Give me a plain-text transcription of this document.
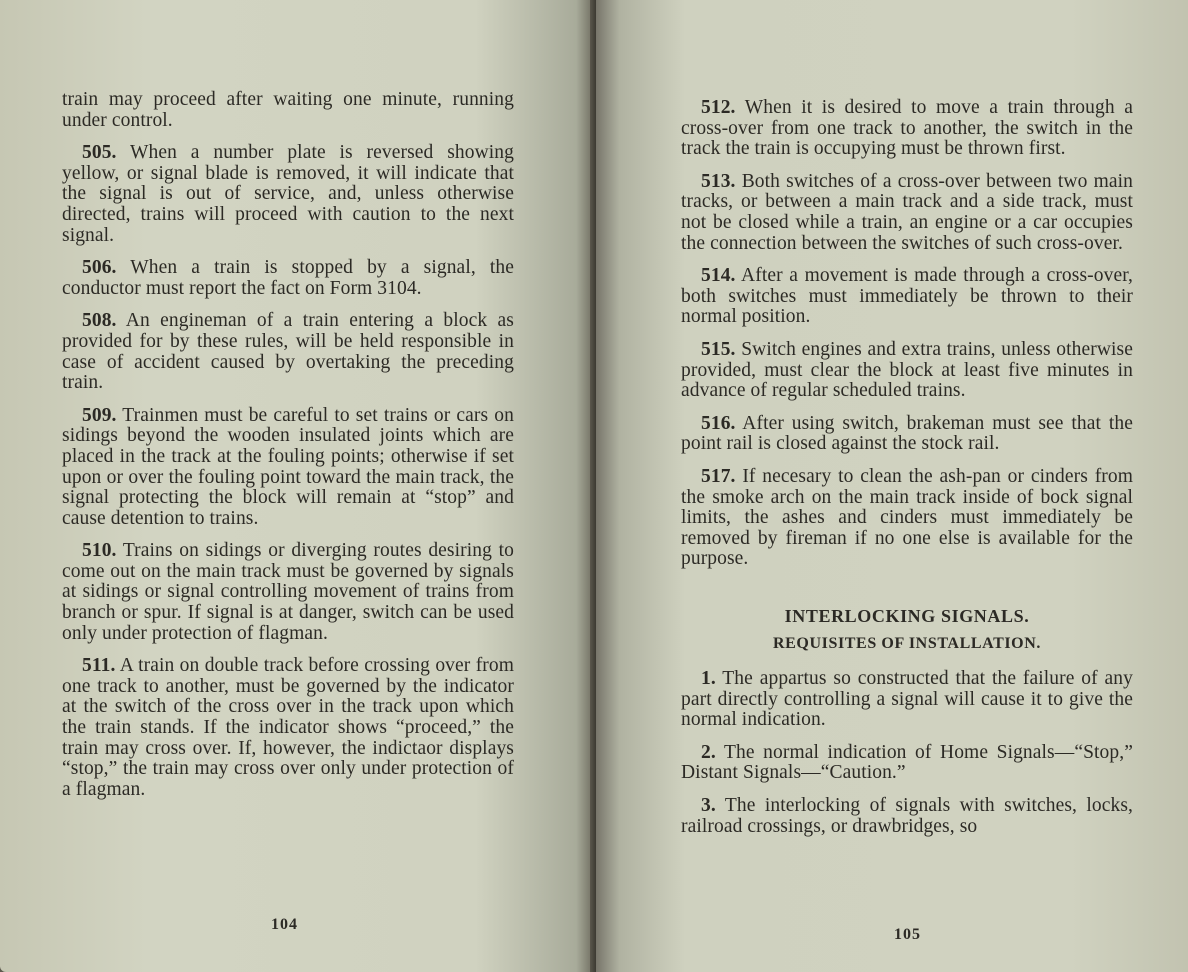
train may proceed after waiting one minute, running under control.

505. When a number plate is reversed showing yellow, or signal blade is removed, it will indicate that the signal is out of service, and, unless otherwise directed, trains will proceed with caution to the next signal.

506. When a train is stopped by a signal, the conductor must report the fact on Form 3104.

508. An engineman of a train entering a block as provided for by these rules, will be held responsible in case of accident caused by overtaking the preceding train.

509. Trainmen must be careful to set trains or cars on sidings beyond the wooden insulated joints which are placed in the track at the fouling points; otherwise if set upon or over the fouling point toward the main track, the signal protecting the block will remain at “stop” and cause detention to trains.

510. Trains on sidings or diverging routes desiring to come out on the main track must be governed by signals at sidings or signal controlling movement of trains from branch or spur. If signal is at danger, switch can be used only under protection of flagman.

511. A train on double track before crossing over from one track to another, must be governed by the indicator at the switch of the cross over in the track upon which the train stands. If the indicator shows “proceed,” the train may cross over. If, however, the indictaor displays “stop,” the train may cross over only under protection of a flagman.

104

512. When it is desired to move a train through a cross-over from one track to another, the switch in the track the train is occupying must be thrown first.

513. Both switches of a cross-over between two main tracks, or between a main track and a side track, must not be closed while a train, an engine or a car occupies the connection between the switches of such cross-over.

514. After a movement is made through a cross-over, both switches must immediately be thrown to their normal position.

515. Switch engines and extra trains, unless otherwise provided, must clear the block at least five minutes in advance of regular scheduled trains.

516. After using switch, brakeman must see that the point rail is closed against the stock rail.

517. If necesary to clean the ash-pan or cinders from the smoke arch on the main track inside of bock signal limits, the ashes and cinders must immediately be removed by fireman if no one else is available for the purpose.

INTERLOCKING SIGNALS.
REQUISITES OF INSTALLATION.

1. The appartus so constructed that the failure of any part directly controlling a signal will cause it to give the normal indication.

2. The normal indication of Home Signals—“Stop,” Distant Signals—“Caution.”

3. The interlocking of signals with switches, locks, railroad crossings, or drawbridges, so

105
